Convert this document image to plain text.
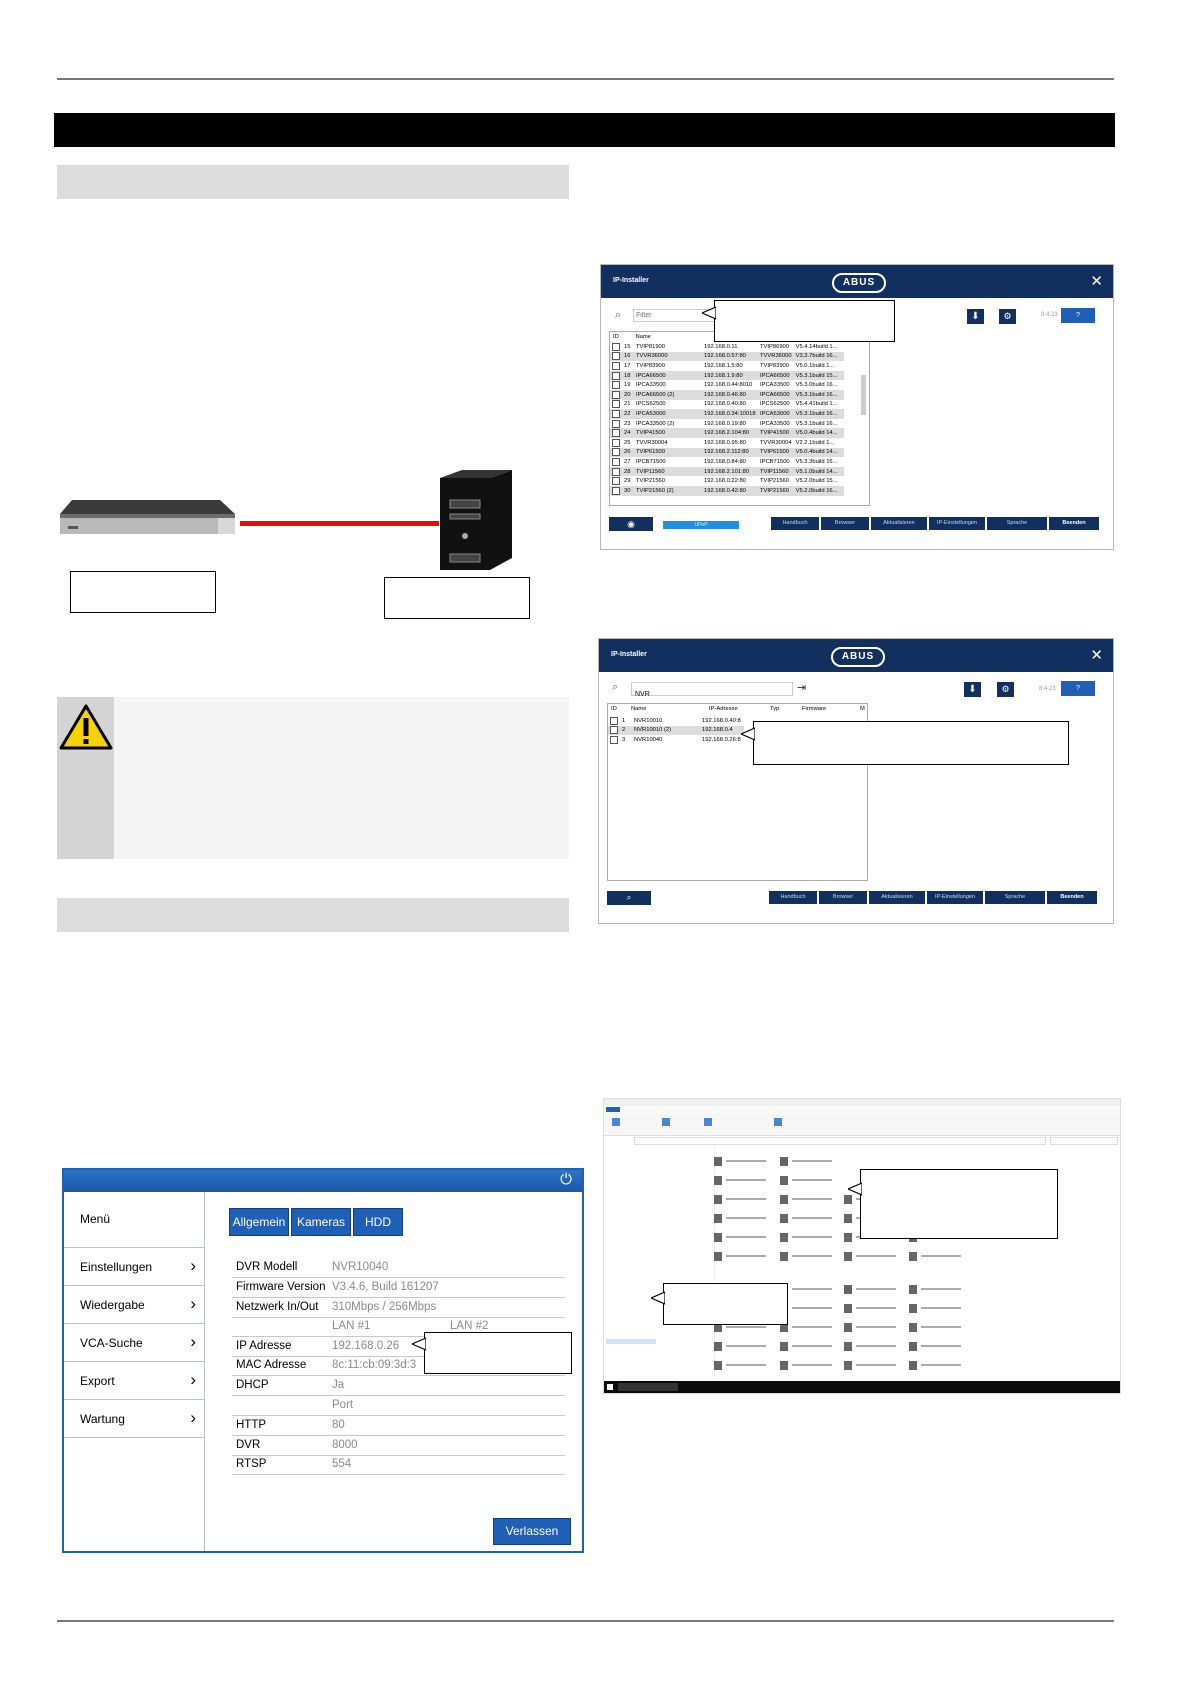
IP-Installer	ABUS	✕
⌕
Filter	⬇	⚙	8.4.23	?
ID	Name
	15	TVIP81900	192.168.0.11	TVIP86900	V5.4.14build 1...
	16	TVVR36000	192.168.0.57:80	TVVR36000	V3.3.7build 16...
	17	TVIP83900	192.168.1.5:80	TVIP83900	V5.0.1build 1...
	18	IPCA66500	192.168.1.9:80	IPCA66500	V5.3.1build 15...
	19	IPCA33500	192.168.0.44:8010	IPCA33500	V5.3.0build 16...
	20	IPCA66500 (2)	192.168.0.46:80	IPCA66500	V5.3.1build 16...
	21	IPCS62500	192.168.0.40:80	IPCS62500	V5.4.41build 1...
	22	IPCA53000	192.168.0.34:10018	IPCA53000	V5.3.1build 16...
	23	IPCA33500 (2)	192.168.0.19:80	IPCA33500	V5.3.1build 16...
	24	TVIP41500	192.168.2.104:80	TVIP41500	V5.0.4build 14...
	25	TVVR30004	192.168.0.95:80	TVVR30004	V2.2.1build 1...
	26	TVIP61500	192.168.2.112:80	TVIP61500	V5.0.4build 14...
	27	IPCB71500	192.168.0.84:80	IPCB71500	V5.3.3build 16...
	28	TVIP11560	192.168.2.101:80	TVIP11560	V5.1.0build 14...
	29	TVIP21560	192.168.0.22:80	TVIP21560	V5.2.0build 15...
	30	TVIP21560 (2)	192.168.0.42:80	TVIP21560	V5.2.0build 16...
◉	UPnP	Handbuch	Browser	Aktualisieren	IP-Einstellungen	Sprache	Beenden
IP-Installer	ABUS	✕
⌕
NVR
⇥	⬇	⚙	8.4.23	?
ID Name	IP-Adresse	Typ	Firmware	M
	1	NVR10010	192.168.0.40:8
	2	NVR10010 (2)	192.168.0.4
	3	NVR10040	192.168.0.26:8
⌕	Handbuch	Browser	Aktualisieren	IP-Einstellungen	Sprache	Beenden
⏻
Menü
Einstellungen ›
Wiedergabe	›
VCA-Suche	›
Export	›
Wartung	›
Allgemein Kameras	HDD
DVR Modell	NVR10040
Firmware Version V3.4.6, Build 161207
Netzwerk In/Out 310Mbps / 256Mbps
LAN #1	LAN #2
IP Adresse	192.168.0.26
MAC Adresse 8c:11:cb:09:3d:3
DHCP	Ja
Port
HTTP	80
DVR	8000
RTSP	554
Verlassen
